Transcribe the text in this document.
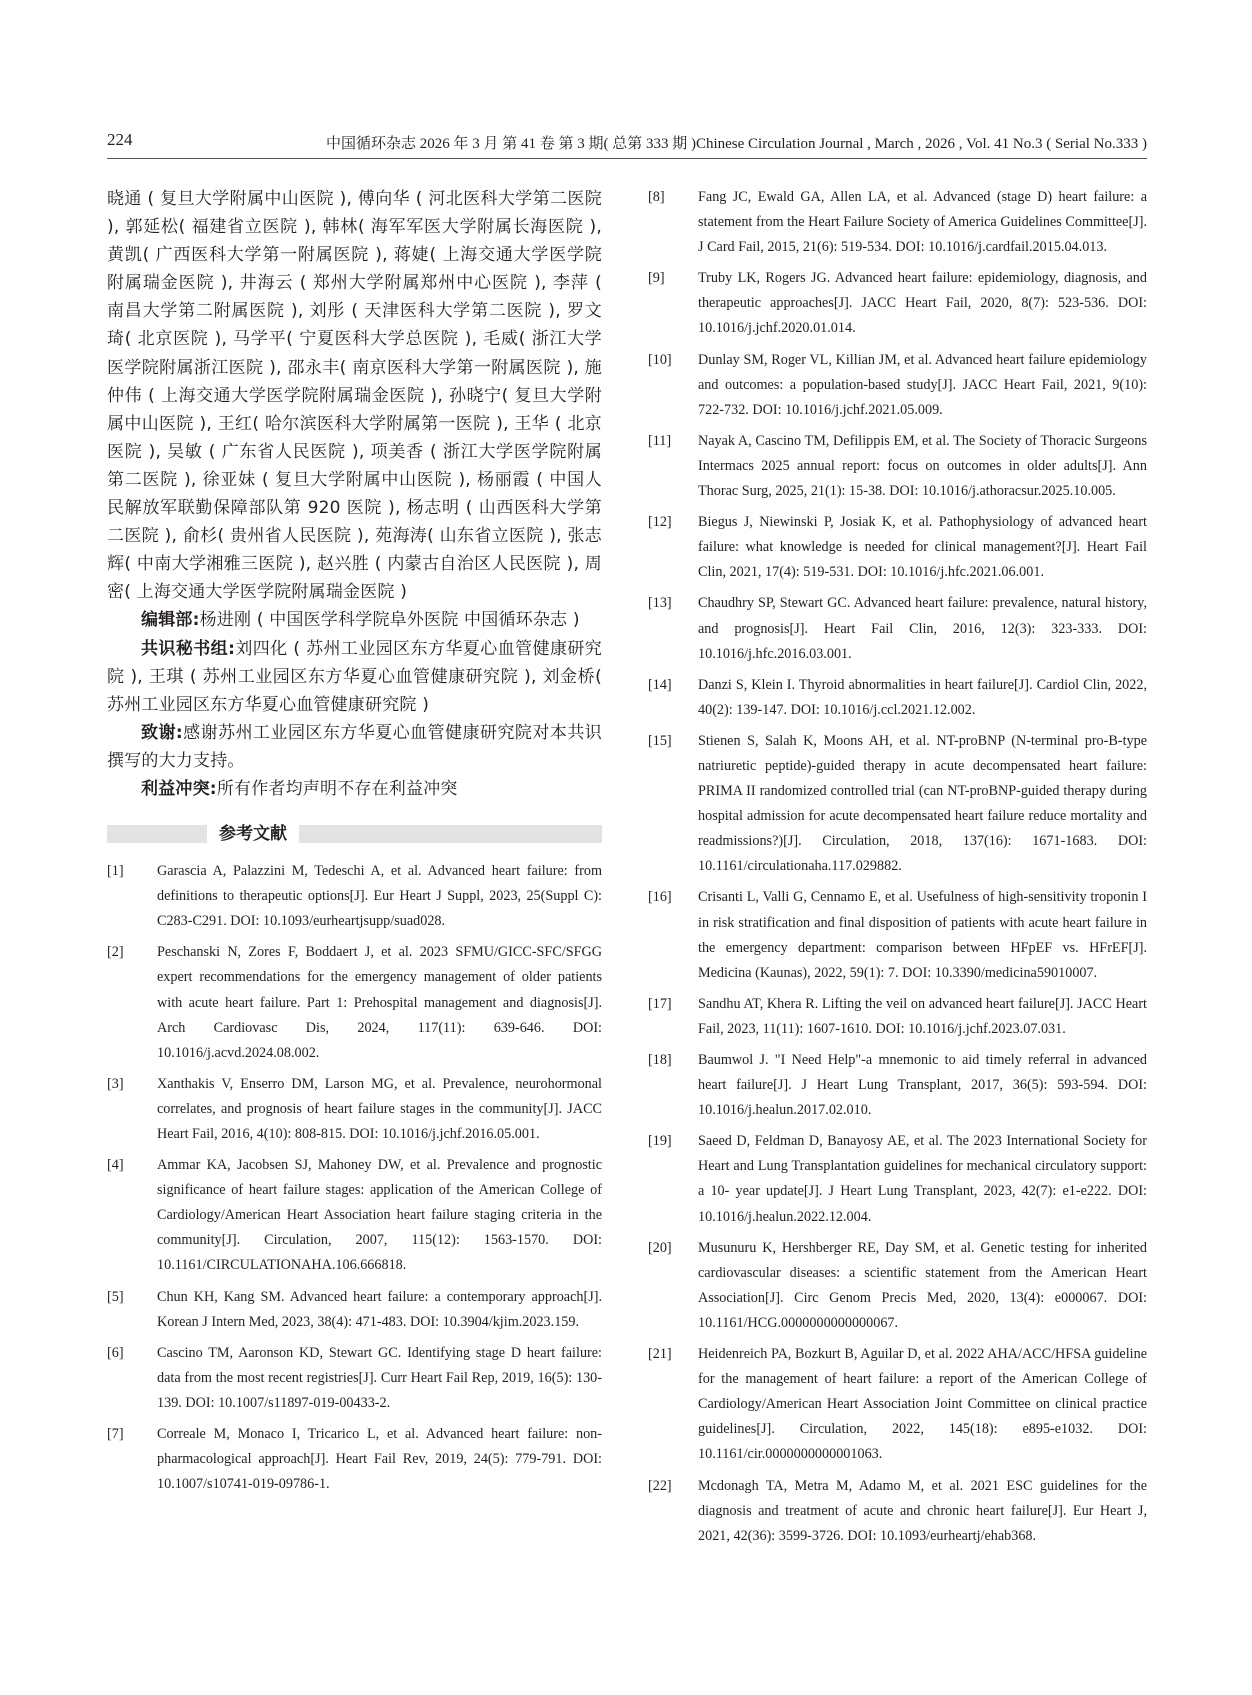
224	中国循环杂志 2026 年 3 月 第 41 卷 第 3 期( 总第 333 期 )Chinese Circulation Journal , March , 2026 , Vol. 41 No.3 ( Serial No.333 )

晓通 ( 复旦大学附属中山医院 ), 傅向华 ( 河北医科大学第二医院 ), 郭延松( 福建省立医院 ), 韩林( 海军军医大学附属长海医院 ), 黄凯( 广西医科大学第一附属医院 ), 蒋婕( 上海交通大学医学院附属瑞金医院 ), 井海云 ( 郑州大学附属郑州中心医院 ), 李萍 ( 南昌大学第二附属医院 ), 刘彤 ( 天津医科大学第二医院 ), 罗文琦( 北京医院 ), 马学平( 宁夏医科大学总医院 ), 毛威( 浙江大学医学院附属浙江医院 ), 邵永丰( 南京医科大学第一附属医院 ), 施仲伟 ( 上海交通大学医学院附属瑞金医院 ), 孙晓宁( 复旦大学附属中山医院 ), 王红( 哈尔滨医科大学附属第一医院 ), 王华 ( 北京医院 ), 吴敏 ( 广东省人民医院 ), 项美香 ( 浙江大学医学院附属第二医院 ), 徐亚妹 ( 复旦大学附属中山医院 ), 杨丽霞 ( 中国人民解放军联勤保障部队第 920 医院 ), 杨志明 ( 山西医科大学第二医院 ), 俞杉( 贵州省人民医院 ), 苑海涛( 山东省立医院 ), 张志辉( 中南大学湘雅三医院 ), 赵兴胜 ( 内蒙古自治区人民医院 ), 周密( 上海交通大学医学院附属瑞金医院 )

编辑部:杨进刚 ( 中国医学科学院阜外医院 中国循环杂志 )

共识秘书组:刘四化 ( 苏州工业园区东方华夏心血管健康研究院 ), 王琪 ( 苏州工业园区东方华夏心血管健康研究院 ), 刘金桥( 苏州工业园区东方华夏心血管健康研究院 )

致谢:感谢苏州工业园区东方华夏心血管健康研究院对本共识撰写的大力支持。

利益冲突:所有作者均声明不存在利益冲突

参考文献
[1]	Garascia A, Palazzini M, Tedeschi A, et al. Advanced heart failure: from definitions to therapeutic options[J]. Eur Heart J Suppl, 2023, 25(Suppl C): C283-C291. DOI: 10.1093/eurheartjsupp/suad028.
[2]	Peschanski N, Zores F, Boddaert J, et al. 2023 SFMU/GICC-SFC/SFGG expert recommendations for the emergency management of older patients with acute heart failure. Part 1: Prehospital management and diagnosis[J]. Arch Cardiovasc Dis, 2024, 117(11): 639-646. DOI: 10.1016/j.acvd.2024.08.002.
[3]	Xanthakis V, Enserro DM, Larson MG, et al. Prevalence, neurohormonal correlates, and prognosis of heart failure stages in the community[J]. JACC Heart Fail, 2016, 4(10): 808-815. DOI: 10.1016/j.jchf.2016.05.001.
[4]	Ammar KA, Jacobsen SJ, Mahoney DW, et al. Prevalence and prognostic significance of heart failure stages: application of the American College of Cardiology/American Heart Association heart failure staging criteria in the community[J]. Circulation, 2007, 115(12): 1563-1570. DOI: 10.1161/CIRCULATIONAHA.106.666818.
[5]	Chun KH, Kang SM. Advanced heart failure: a contemporary approach[J]. Korean J Intern Med, 2023, 38(4): 471-483. DOI: 10.3904/kjim.2023.159.
[6]	Cascino TM, Aaronson KD, Stewart GC. Identifying stage D heart failure: data from the most recent registries[J]. Curr Heart Fail Rep, 2019, 16(5): 130-139. DOI: 10.1007/s11897-019-00433-2.
[7]	Correale M, Monaco I, Tricarico L, et al. Advanced heart failure: non-pharmacological approach[J]. Heart Fail Rev, 2019, 24(5): 779-791. DOI: 10.1007/s10741-019-09786-1.
[8]	Fang JC, Ewald GA, Allen LA, et al. Advanced (stage D) heart failure: a statement from the Heart Failure Society of America Guidelines Committee[J]. J Card Fail, 2015, 21(6): 519-534. DOI: 10.1016/j.cardfail.2015.04.013.
[9]	Truby LK, Rogers JG. Advanced heart failure: epidemiology, diagnosis, and therapeutic approaches[J]. JACC Heart Fail, 2020, 8(7): 523-536. DOI: 10.1016/j.jchf.2020.01.014.
[10]	Dunlay SM, Roger VL, Killian JM, et al. Advanced heart failure epidemiology and outcomes: a population-based study[J]. JACC Heart Fail, 2021, 9(10): 722-732. DOI: 10.1016/j.jchf.2021.05.009.
[11]	Nayak A, Cascino TM, Defilippis EM, et al. The Society of Thoracic Surgeons Intermacs 2025 annual report: focus on outcomes in older adults[J]. Ann Thorac Surg, 2025, 21(1): 15-38. DOI: 10.1016/j.athoracsur.2025.10.005.
[12]	Biegus J, Niewinski P, Josiak K, et al. Pathophysiology of advanced heart failure: what knowledge is needed for clinical management?[J]. Heart Fail Clin, 2021, 17(4): 519-531. DOI: 10.1016/j.hfc.2021.06.001.
[13]	Chaudhry SP, Stewart GC. Advanced heart failure: prevalence, natural history, and prognosis[J]. Heart Fail Clin, 2016, 12(3): 323-333. DOI: 10.1016/j.hfc.2016.03.001.
[14]	Danzi S, Klein I. Thyroid abnormalities in heart failure[J]. Cardiol Clin, 2022, 40(2): 139-147. DOI: 10.1016/j.ccl.2021.12.002.
[15]	Stienen S, Salah K, Moons AH, et al. NT-proBNP (N-terminal pro-B-type natriuretic peptide)-guided therapy in acute decompensated heart failure: PRIMA II randomized controlled trial (can NT-proBNP-guided therapy during hospital admission for acute decompensated heart failure reduce mortality and readmissions?)[J]. Circulation, 2018, 137(16): 1671-1683. DOI: 10.1161/circulationaha.117.029882.
[16]	Crisanti L, Valli G, Cennamo E, et al. Usefulness of high-sensitivity troponin I in risk stratification and final disposition of patients with acute heart failure in the emergency department: comparison between HFpEF vs. HFrEF[J]. Medicina (Kaunas), 2022, 59(1): 7. DOI: 10.3390/medicina59010007.
[17]	Sandhu AT, Khera R. Lifting the veil on advanced heart failure[J]. JACC Heart Fail, 2023, 11(11): 1607-1610. DOI: 10.1016/j.jchf.2023.07.031.
[18]	Baumwol J. "I Need Help"-a mnemonic to aid timely referral in advanced heart failure[J]. J Heart Lung Transplant, 2017, 36(5): 593-594. DOI: 10.1016/j.healun.2017.02.010.
[19]	Saeed D, Feldman D, Banayosy AE, et al. The 2023 International Society for Heart and Lung Transplantation guidelines for mechanical circulatory support: a 10- year update[J]. J Heart Lung Transplant, 2023, 42(7): e1-e222. DOI: 10.1016/j.healun.2022.12.004.
[20]	Musunuru K, Hershberger RE, Day SM, et al. Genetic testing for inherited cardiovascular diseases: a scientific statement from the American Heart Association[J]. Circ Genom Precis Med, 2020, 13(4): e000067. DOI: 10.1161/HCG.0000000000000067.
[21]	Heidenreich PA, Bozkurt B, Aguilar D, et al. 2022 AHA/ACC/HFSA guideline for the management of heart failure: a report of the American College of Cardiology/American Heart Association Joint Committee on clinical practice guidelines[J]. Circulation, 2022, 145(18): e895-e1032. DOI: 10.1161/cir.0000000000001063.
[22]	Mcdonagh TA, Metra M, Adamo M, et al. 2021 ESC guidelines for the diagnosis and treatment of acute and chronic heart failure[J]. Eur Heart J, 2021, 42(36): 3599-3726. DOI: 10.1093/eurheartj/ehab368.
